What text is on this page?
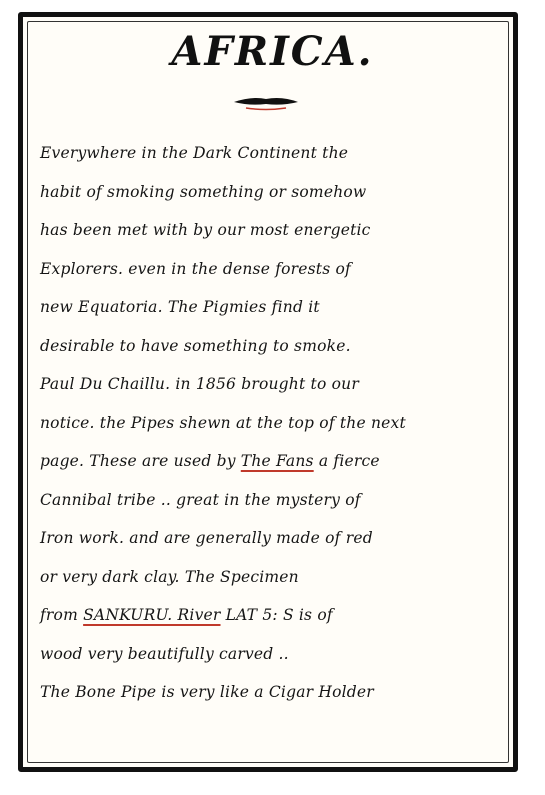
AFRICA.
Everywhere in the Dark Continent the
habit of smoking something or somehow
has been met with by our most energetic
Explorers. even in the dense forests of
new Equatoria. The Pigmies find it
desirable to have something to smoke.
Paul Du Chaillu. in 1856 brought to our
notice. the Pipes shewn at the top of the next
page. These are used by The Fans a fierce
Cannibal tribe .. great in the mystery of
Iron work. and are generally made of red
or very dark clay. The Specimen
from SANKURU. River LAT 5: S is of
wood very beautifully carved ..
The Bone Pipe is very like a Cigar Holder
